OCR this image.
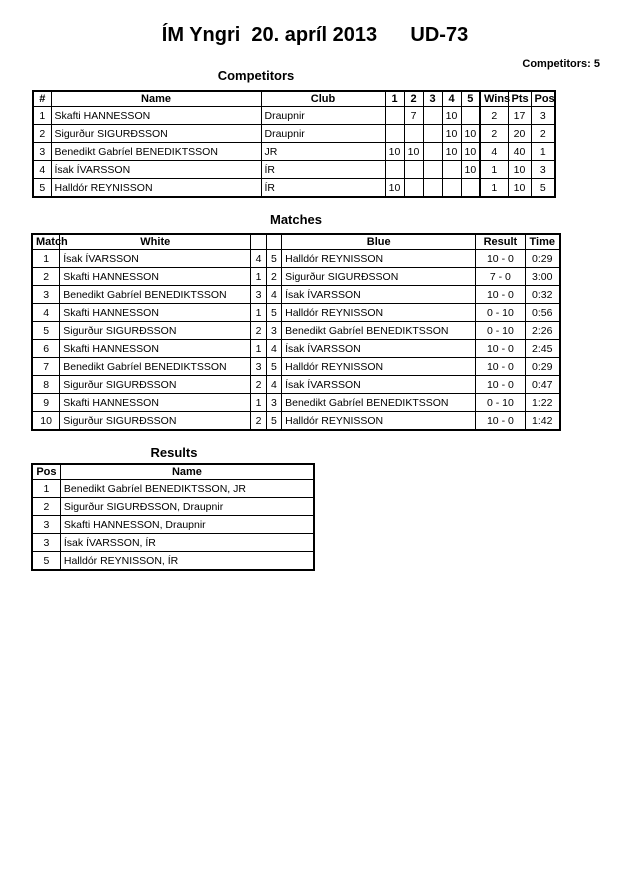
ÍM Yngri  20. apríl 2013      UD-73
Competitors: 5
Competitors
#	Name	Club	1	2	3	4	5	Wins	Pts	Pos
1	Skafti HANNESSON	Draupnir		7		10		2	17	3
2	Sigurður SIGURÐSSON	Draupnir				10	10	2	20	2
3	Benedikt Gabríel BENEDIKTSSON	JR	10	10		10	10	4	40	1
4	Ísak ÍVARSSON	ÍR					10	1	10	3
5	Halldór REYNISSON	ÍR	10					1	10	5
Matches
Match	White			Blue	Result	Time
1	Ísak ÍVARSSON	4	5	Halldór REYNISSON	10 - 0	0:29
2	Skafti HANNESSON	1	2	Sigurður SIGURÐSSON	7 - 0	3:00
3	Benedikt Gabríel BENEDIKTSSON	3	4	Ísak ÍVARSSON	10 - 0	0:32
4	Skafti HANNESSON	1	5	Halldór REYNISSON	0 - 10	0:56
5	Sigurður SIGURÐSSON	2	3	Benedikt Gabríel BENEDIKTSSON	0 - 10	2:26
6	Skafti HANNESSON	1	4	Ísak ÍVARSSON	10 - 0	2:45
7	Benedikt Gabríel BENEDIKTSSON	3	5	Halldór REYNISSON	10 - 0	0:29
8	Sigurður SIGURÐSSON	2	4	Ísak ÍVARSSON	10 - 0	0:47
9	Skafti HANNESSON	1	3	Benedikt Gabríel BENEDIKTSSON	0 - 10	1:22
10	Sigurður SIGURÐSSON	2	5	Halldór REYNISSON	10 - 0	1:42
Results
Pos	Name
1	Benedikt Gabríel BENEDIKTSSON, JR
2	Sigurður SIGURÐSSON, Draupnir
3	Skafti HANNESSON, Draupnir
3	Ísak ÍVARSSON, ÍR
5	Halldór REYNISSON, ÍR
